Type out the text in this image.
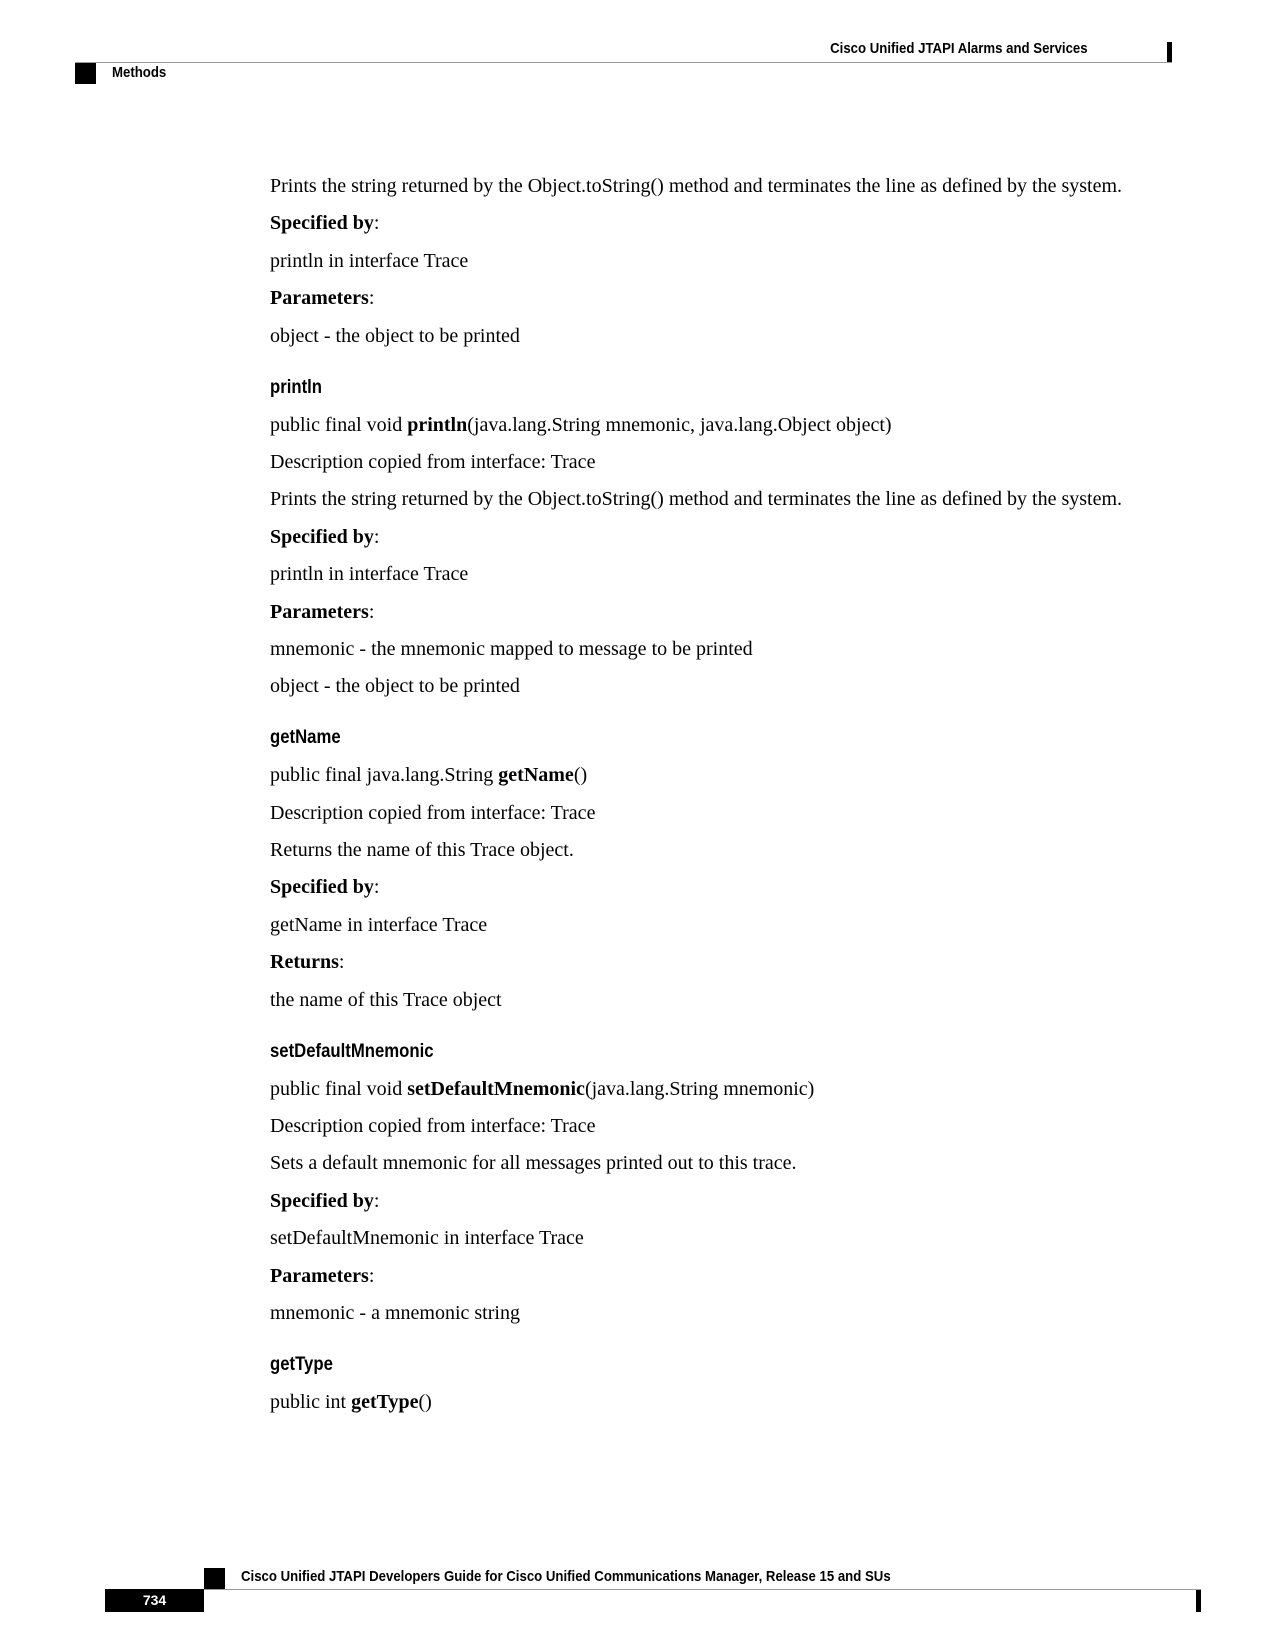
Cisco Unified JTAPI Alarms and Services
Methods
Prints the string returned by the Object.toString() method and terminates the line as defined by the system.
Specified by:
println in interface Trace
Parameters:
object - the object to be printed
println
public final void println(java.lang.String mnemonic, java.lang.Object object)
Description copied from interface: Trace
Prints the string returned by the Object.toString() method and terminates the line as defined by the system.
Specified by:
println in interface Trace
Parameters:
mnemonic - the mnemonic mapped to message to be printed
object - the object to be printed
getName
public final java.lang.String getName()
Description copied from interface: Trace
Returns the name of this Trace object.
Specified by:
getName in interface Trace
Returns:
the name of this Trace object
setDefaultMnemonic
public final void setDefaultMnemonic(java.lang.String mnemonic)
Description copied from interface: Trace
Sets a default mnemonic for all messages printed out to this trace.
Specified by:
setDefaultMnemonic in interface Trace
Parameters:
mnemonic - a mnemonic string
getType
public int getType()
Cisco Unified JTAPI Developers Guide for Cisco Unified Communications Manager, Release 15 and SUs
734
